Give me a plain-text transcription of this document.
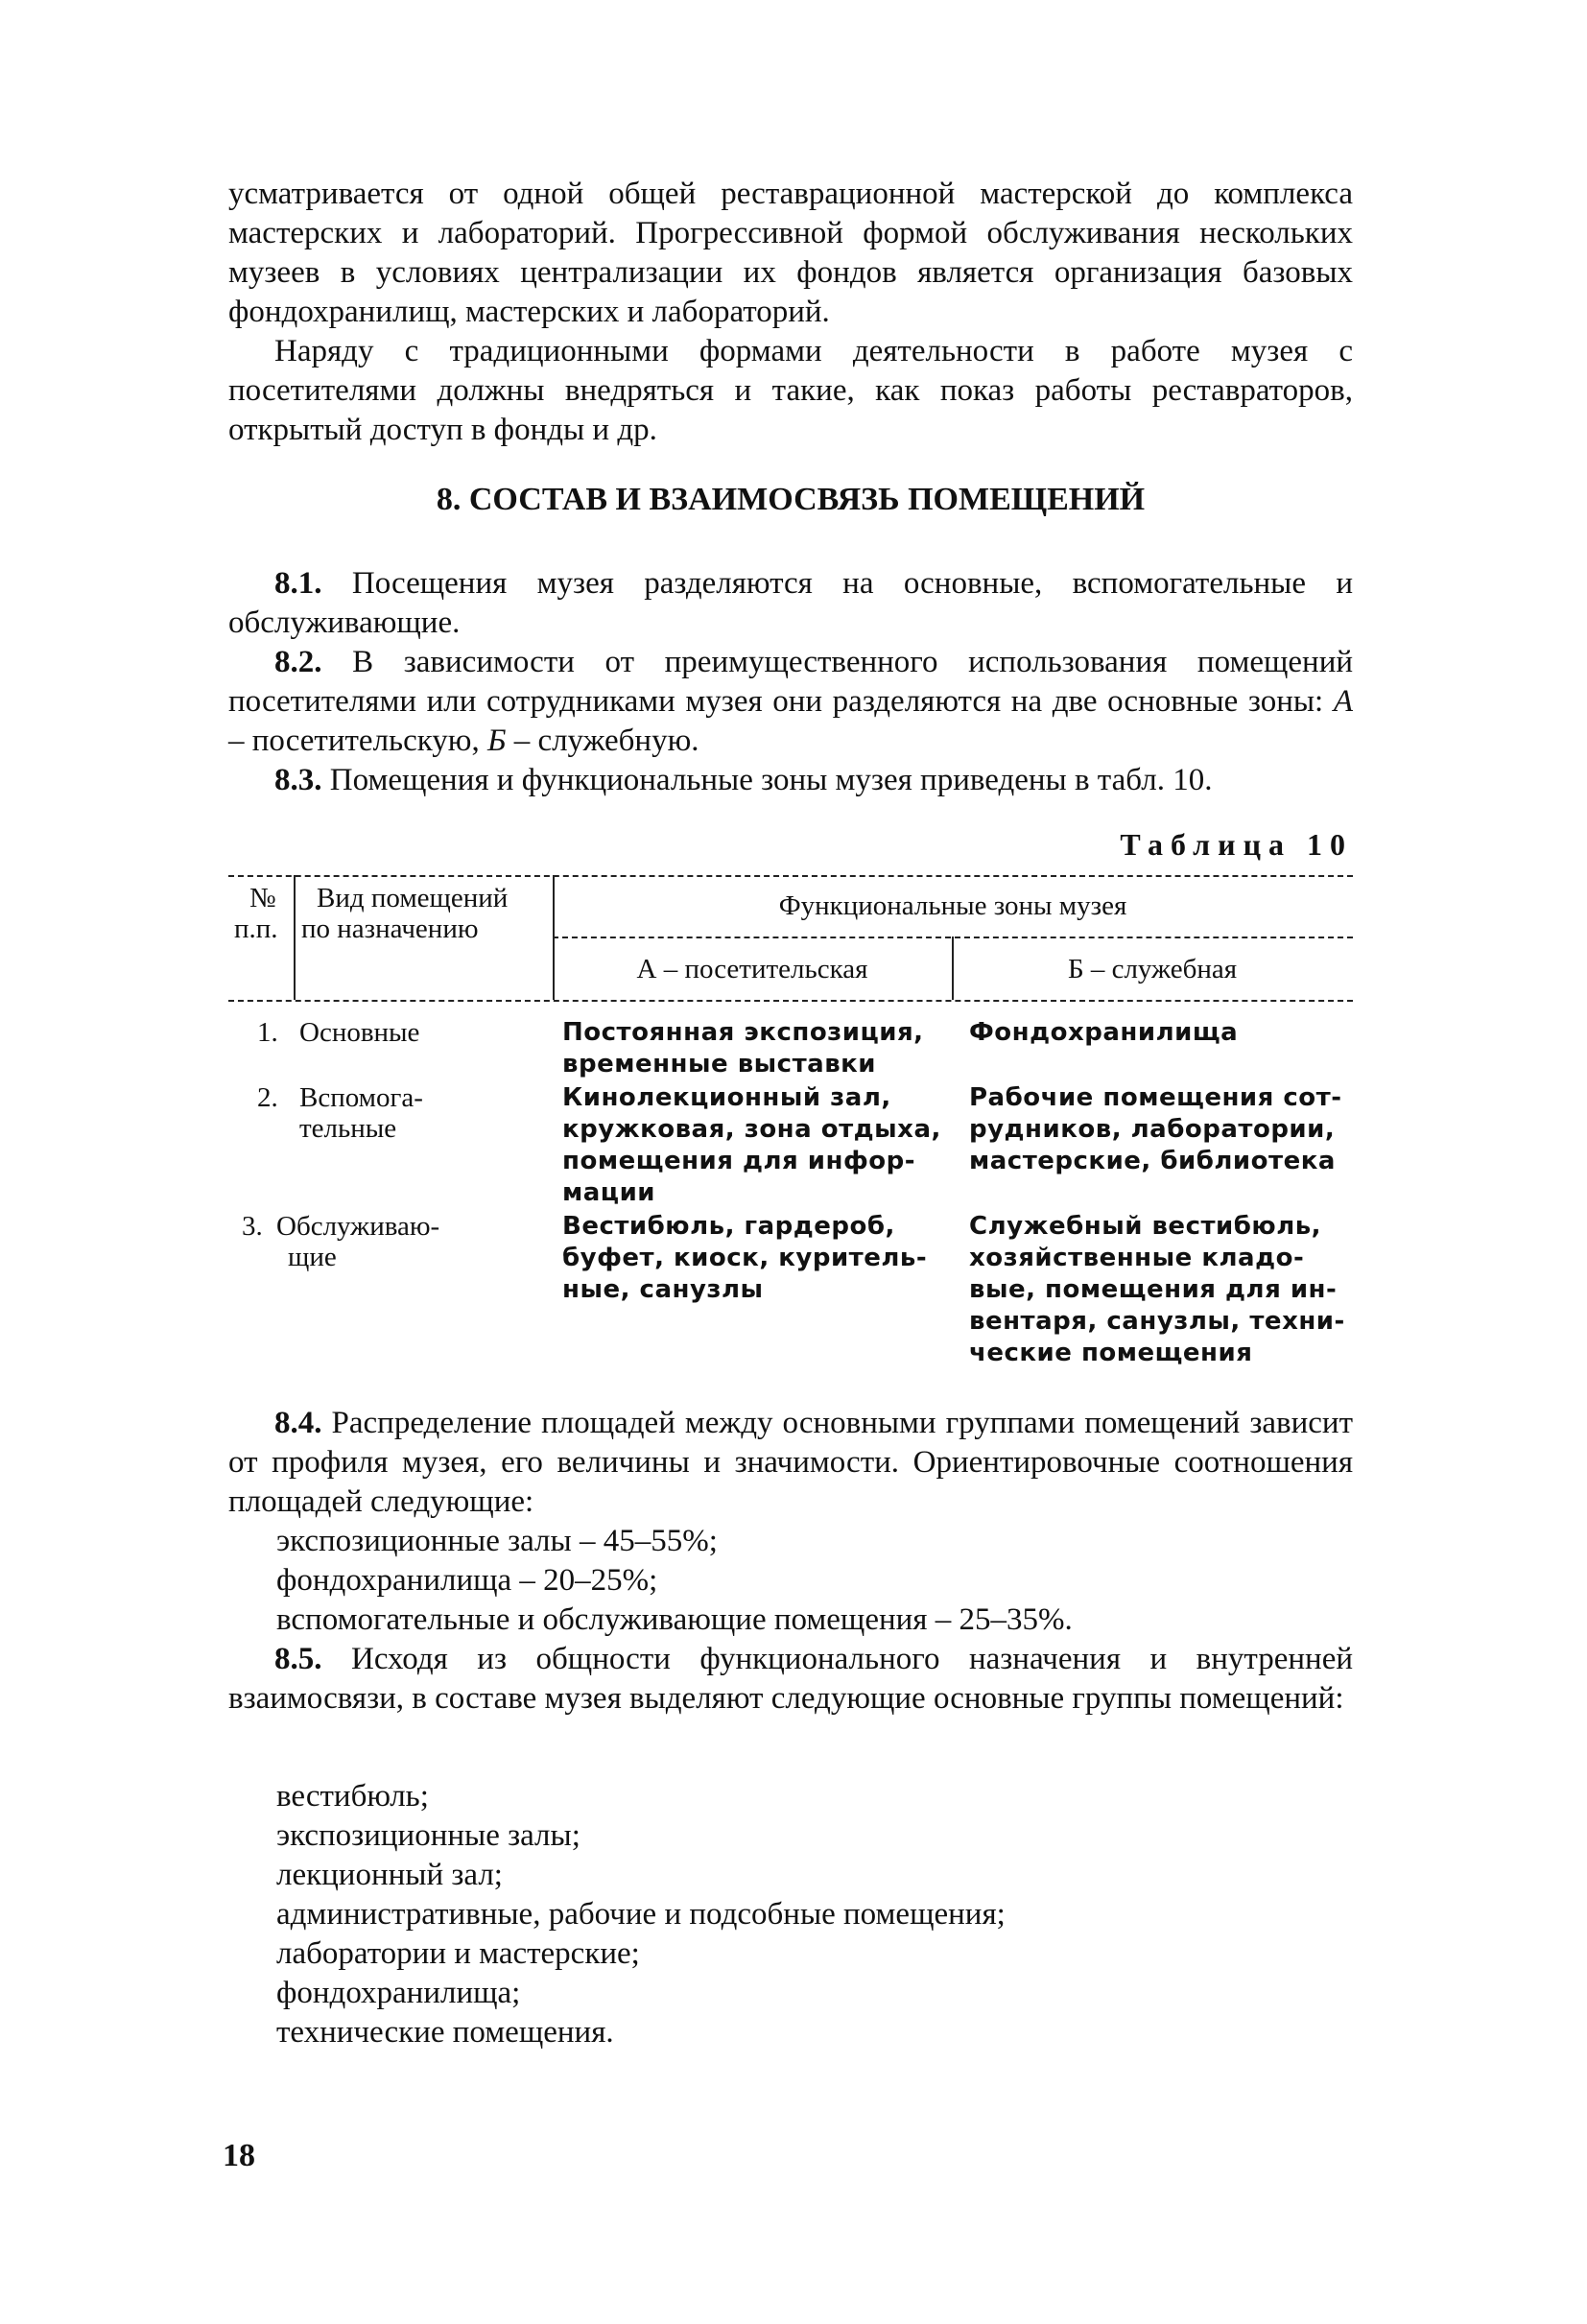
усматривается от одной общей реставрационной мастерской до комплекса мастерских и лабораторий. Прогрессивной формой обслуживания нескольких музеев в условиях централизации их фондов является организация базовых фондохранилищ, мастерских и лабораторий.

Наряду с традиционными формами деятельности в работе музея с посетителями должны внедряться и такие, как показ работы реставраторов, открытый доступ в фонды и др.

8. СОСТАВ И ВЗАИМОСВЯЗЬ ПОМЕЩЕНИЙ

8.1. Посещения музея разделяются на основные, вспомогательные и обслуживающие.

8.2. В зависимости от преимущественного использования помещений посетителями или сотрудниками музея они разделяются на две основные зоны: А – посетительскую, Б – служебную.

8.3. Помещения и функциональные зоны музея приведены в табл. 10.

Таблица 10
№
п.п.
Вид помещений
по назначению
Функциональные зоны музея
А – посетительская	Б – служебная
1. Основные	Постоянная экспозиция,
временные выставки
Фондохранилища
2. Вспомога-
тельные
Кинолекционный зал,
кружковая, зона отдыха,
помещения для инфор-
мации
Рабочие помещения сот-
рудников, лаборатории,
мастерские, библиотека
3. Обслуживаю-
щие
Вестибюль, гардероб,
буфет, киоск, куритель-
ные, санузлы
Служебный вестибюль,
хозяйственные кладо-
вые, помещения для ин-
вентаря, санузлы, техни-
ческие помещения

8.4. Распределение площадей между основными группами помещений зависит от профиля музея, его величины и значимости. Ориентировочные соотношения площадей следующие:

экспозиционные залы – 45–55%;
фондохранилища – 20–25%;
вспомогательные и обслуживающие помещения – 25–35%.

8.5. Исходя из общности функционального назначения и внутренней взаимосвязи, в составе музея выделяют следующие основные группы помещений:

вестибюль;
экспозиционные залы;
лекционный зал;
административные, рабочие и подсобные помещения;
лаборатории и мастерские;
фондохранилища;
технические помещения.
18
